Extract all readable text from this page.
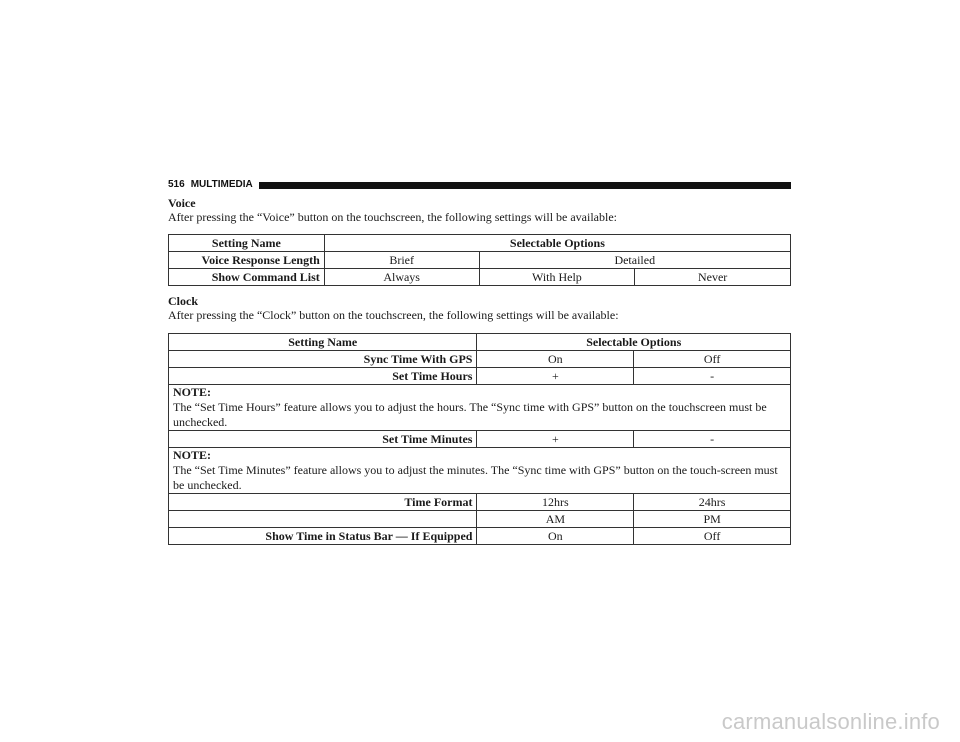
516 MULTIMEDIA
Voice
After pressing the “Voice” button on the touchscreen, the following settings will be available:
Setting Name	Selectable Options		
Voice Response Length	Brief	Detailed	
Show Command List	Always	With Help	Never
Clock
After pressing the “Clock” button on the touchscreen, the following settings will be available:
Setting Name	Selectable Options	
Sync Time With GPS	On	Off
Set Time Hours	+	-

NOTE:
The “Set Time Hours” feature allows you to adjust the hours. The “Sync time with GPS” button on the touchscreen must be unchecked.		
Set Time Minutes	+	-

NOTE:
The “Set Time Minutes” feature allows you to adjust the minutes. The “Sync time with GPS” button on the touch-screen must be unchecked.		
Time Format	12hrs	24hrs
	AM	PM
Show Time in Status Bar — If Equipped	On	Off
carmanualsonline.info
